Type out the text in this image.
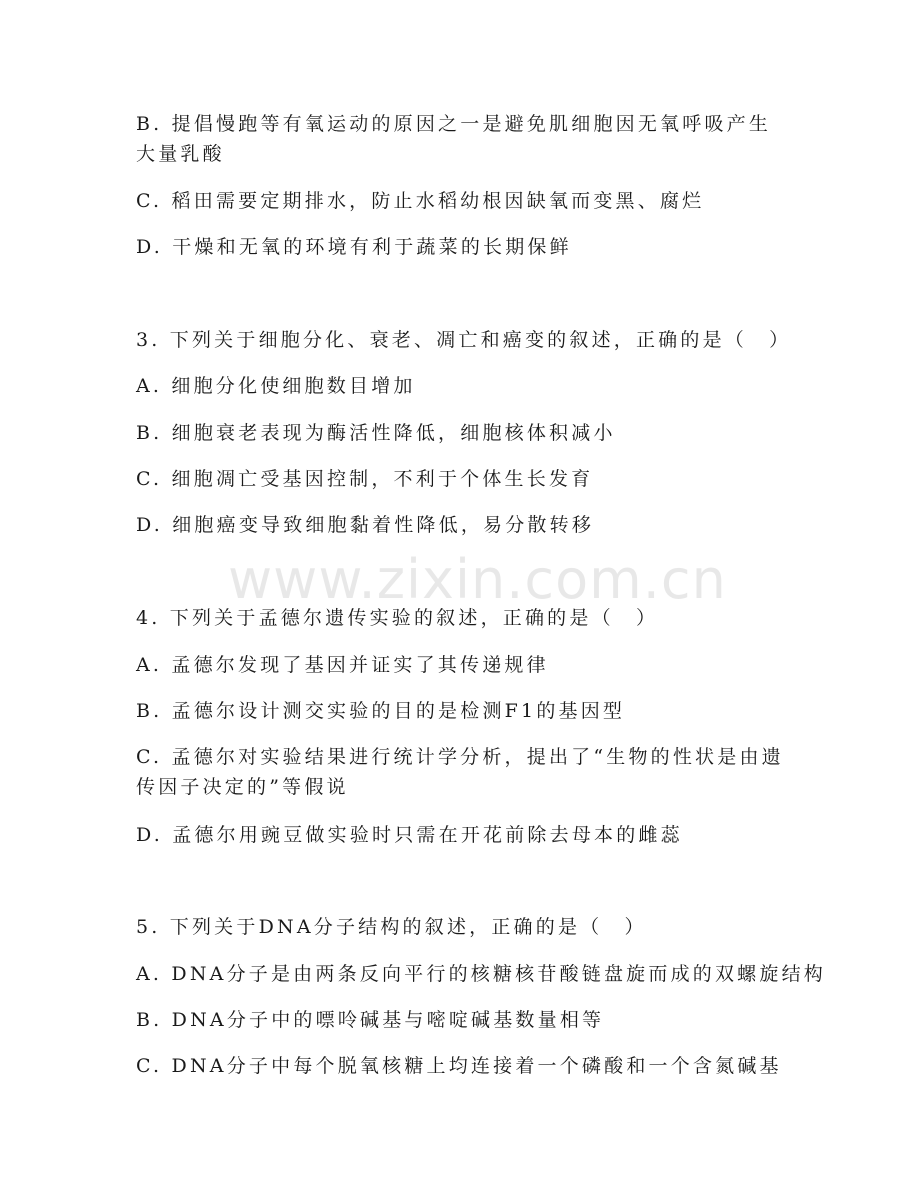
www.zixin.com.cn
B. 提倡慢跑等有氧运动的原因之一是避免肌细胞因无氧呼吸产生大量乳酸
C. 稻田需要定期排水，防止水稻幼根因缺氧而变黑、腐烂
D. 干燥和无氧的环境有利于蔬菜的长期保鲜
3. 下列关于细胞分化、衰老、凋亡和癌变的叙述，正确的是（　）
A. 细胞分化使细胞数目增加
B. 细胞衰老表现为酶活性降低，细胞核体积减小
C. 细胞凋亡受基因控制，不利于个体生长发育
D. 细胞癌变导致细胞黏着性降低，易分散转移
4. 下列关于孟德尔遗传实验的叙述，正确的是（　）
A. 孟德尔发现了基因并证实了其传递规律
B. 孟德尔设计测交实验的目的是检测F1的基因型
C. 孟德尔对实验结果进行统计学分析，提出了“生物的性状是由遗传因子决定的”等假说
D. 孟德尔用豌豆做实验时只需在开花前除去母本的雌蕊
5. 下列关于DNA分子结构的叙述，正确的是（　）
A. DNA分子是由两条反向平行的核糖核苷酸链盘旋而成的双螺旋结构
B. DNA分子中的嘌呤碱基与嘧啶碱基数量相等
C. DNA分子中每个脱氧核糖上均连接着一个磷酸和一个含氮碱基
